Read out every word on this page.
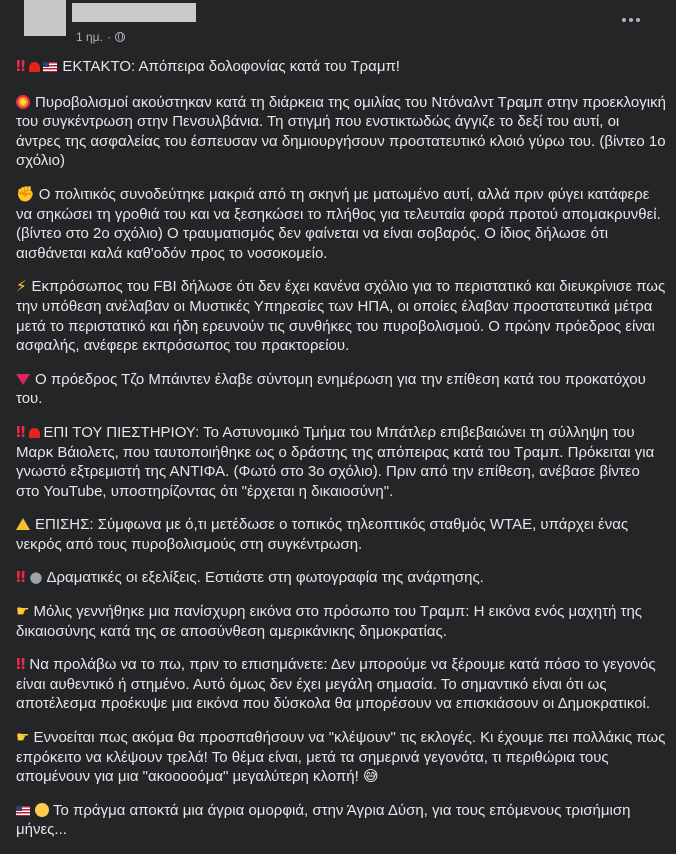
1 ημ. ·

‼ ΕΚΤΑΚΤΟ: Απόπειρα δολοφονίας κατά του Τραμπ!

Πυροβολισμοί ακούστηκαν κατά τη διάρκεια της ομιλίας του Ντόναλντ Τραμπ στην προεκλογική του συγκέντρωση στην Πενσυλβάνια. Τη στιγμή που ενστικτωδώς άγγιζε το δεξί του αυτί, οι άντρες της ασφαλείας του έσπευσαν να δημιουργήσουν προστατευτικό κλοιό γύρω του. (βίντεο 1ο σχόλιο)

✊ Ο πολιτικός συνοδεύτηκε μακριά από τη σκηνή με ματωμένο αυτί, αλλά πριν φύγει κατάφερε να σηκώσει τη γροθιά του και να ξεσηκώσει το πλήθος για τελευταία φορά προτού απομακρυνθεί. (βίντεο στο 2ο σχόλιο) Ο τραυματισμός δεν φαίνεται να είναι σοβαρός. Ο ίδιος δήλωσε ότι αισθάνεται καλά καθ'οδόν προς το νοσοκομείο.

⚡ Εκπρόσωπος του FBI δήλωσε ότι δεν έχει κανένα σχόλιο για το περιστατικό και διευκρίνισε πως την υπόθεση ανέλαβαν οι Μυστικές Υπηρεσίες των ΗΠΑ, οι οποίες έλαβαν προστατευτικά μέτρα μετά το περιστατικό και ήδη ερευνούν τις συνθήκες του πυροβολισμού. Ο πρώην πρόεδρος είναι ασφαλής, ανέφερε εκπρόσωπος του πρακτορείου.

Ο πρόεδρος Τζο Μπάιντεν έλαβε σύντομη ενημέρωση για την επίθεση κατά του προκατόχου του.

‼ ΕΠΙ ΤΟΥ ΠΙΕΣΤΗΡΙΟΥ: Το Αστυνομικό Τμήμα του Μπάτλερ επιβεβαιώνει τη σύλληψη του Μαρκ Βάιολετς, που ταυτοποιήθηκε ως ο δράστης της απόπειρας κατά του Τραμπ. Πρόκειται για γνωστό εξτρεμιστή της ΑΝΤΙΦΑ. (Φωτό στο 3ο σχόλιο). Πριν από την επίθεση, ανέβασε βίντεο στο YouTube, υποστηρίζοντας ότι "έρχεται η δικαιοσύνη".

ΕΠΙΣΗΣ: Σύμφωνα με ό,τι μετέδωσε ο τοπικός τηλεοπτικός σταθμός WTAE, υπάρχει ένας νεκρός από τους πυροβολισμούς στη συγκέντρωση.

‼ ● Δραματικές οι εξελίξεις. Εστιάστε στη φωτογραφία της ανάρτησης.

☛ Μόλις γεννήθηκε μια πανίσχυρη εικόνα στο πρόσωπο του Τραμπ: Η εικόνα ενός μαχητή της δικαιοσύνης κατά της σε αποσύνθεση αμερικάνικης δημοκρατίας.

‼ Να προλάβω να το πω, πριν το επισημάνετε: Δεν μπορούμε να ξέρουμε κατά πόσο το γεγονός είναι αυθεντικό ή στημένο. Αυτό όμως δεν έχει μεγάλη σημασία. Το σημαντικό είναι ότι ως αποτέλεσμα προέκυψε μια εικόνα που δύσκολα θα μπορέσουν να επισκιάσουν οι Δημοκρατικοί.

☛ Εννοείται πως ακόμα θα προσπαθήσουν να "κλέψουν" τις εκλογές. Κι έχουμε πει πολλάκις πως επρόκειτο να κλέψουν τρελά! Το θέμα είναι, μετά τα σημερινά γεγονότα, τι περιθώρια τους απομένουν για μια "ακοοοοόμα" μεγαλύτερη κλοπή! 😅

Το πράγμα αποκτά μια άγρια ομορφιά, στην Άγρια Δύση, για τους επόμενους τρισήμιση μήνες...
